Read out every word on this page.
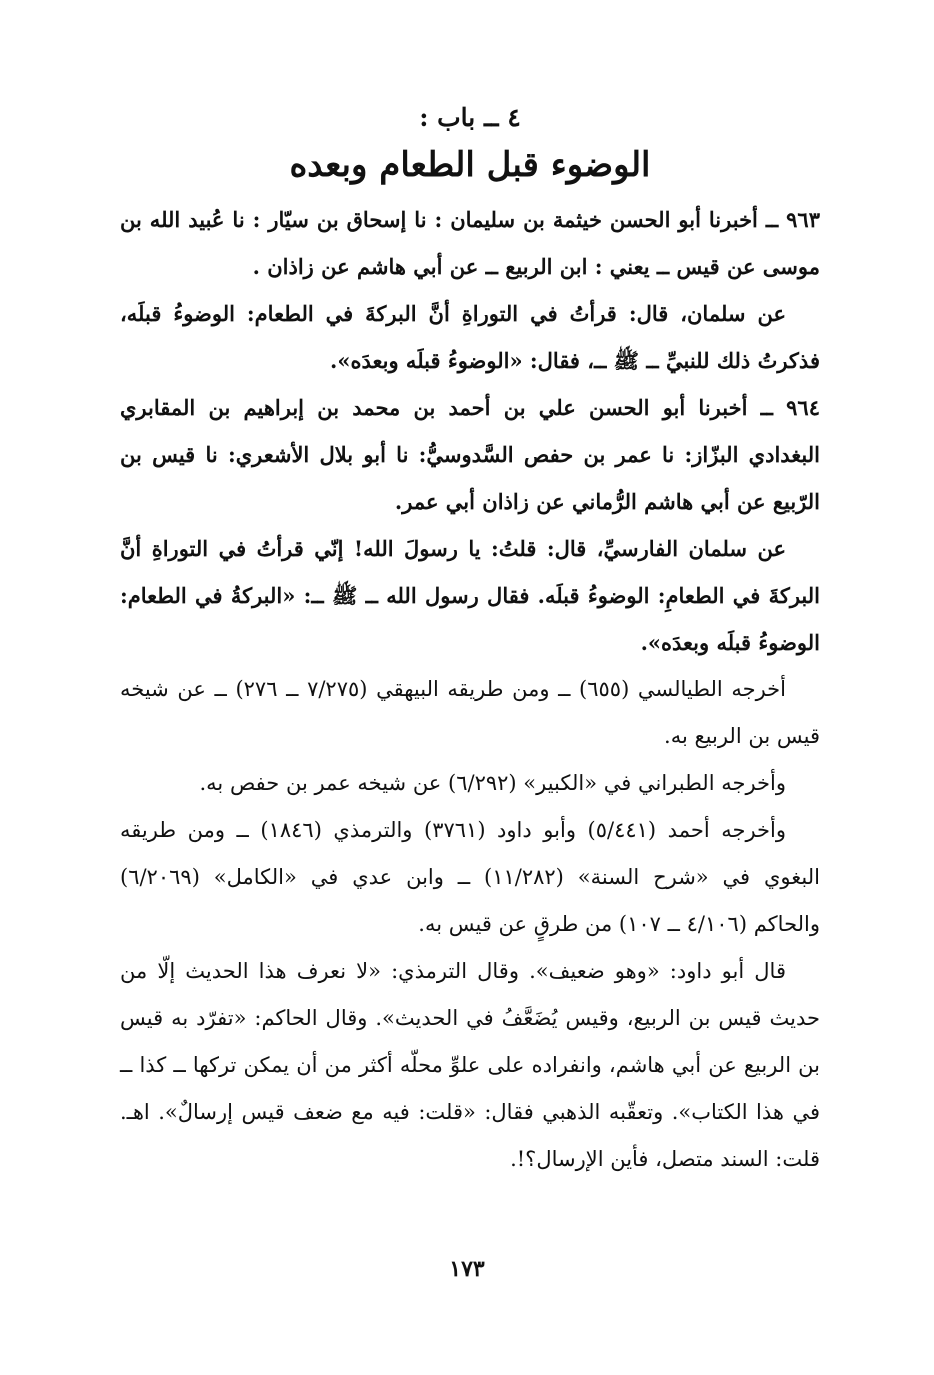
٤ ــ باب :
الوضوء قبل الطعام وبعده

٩٦٣ ــ أخبرنا أبو الحسن خيثمة بن سليمان : نا إسحاق بن سيّار : نا عُبيد الله بن موسى عن قيس ــ يعني : ابن الربيع ــ عن أبي هاشم عن زاذان .

عن سلمان، قال: قرأتُ في التوراةِ أنَّ البركةَ في الطعام: الوضوءُ قبلَه، فذكرتُ ذلك للنبيِّ ــ ﷺ ــ، فقال: «الوضوءُ قبلَه وبعدَه».

٩٦٤ ــ أخبرنا أبو الحسن علي بن أحمد بن محمد بن إبراهيم بن المقابري البغدادي البزّاز: نا عمر بن حفص السَّدوسيُّ: نا أبو بلال الأشعري: نا قيس بن الرّبيع عن أبي هاشم الرُّماني عن زاذان أبي عمر.

عن سلمان الفارسيِّ، قال: قلتُ: يا رسولَ الله! إنّي قرأتُ في التوراةِ أنَّ البركةَ في الطعامِ: الوضوءُ قبلَه. فقال رسول الله ــ ﷺ ــ: «البركةُ في الطعام: الوضوءُ قبلَه وبعدَه».

أخرجه الطيالسي (٦٥٥) ــ ومن طريقه البيهقي (٧/٢٧٥ ــ ٢٧٦) ــ عن شيخه قيس بن الربيع به.

وأخرجه الطبراني في «الكبير» (٦/٢٩٢) عن شيخه عمر بن حفص به.

وأخرجه أحمد (٥/٤٤١) وأبو داود (٣٧٦١) والترمذي (١٨٤٦) ــ ومن طريقه البغوي في «شرح السنة» (١١/٢٨٢) ــ وابن عدي في «الكامل» (٦/٢٠٦٩) والحاكم (٤/١٠٦ ــ ١٠٧) من طرقٍ عن قيس به.

قال أبو داود: «وهو ضعيف». وقال الترمذي: «لا نعرف هذا الحديث إلّا من حديث قيس بن الربيع، وقيس يُضَعَّفُ في الحديث». وقال الحاكم: «تفرّد به قيس بن الربيع عن أبي هاشم، وانفراده على علوِّ محلّه أكثر من أن يمكن تركها ــ كذا ــ في هذا الكتاب». وتعقّبه الذهبي فقال: «قلت: فيه مع ضعف قيس إرسالٌ». اهـ. قلت: السند متصل، فأين الإرسال؟!.

١٧٣
